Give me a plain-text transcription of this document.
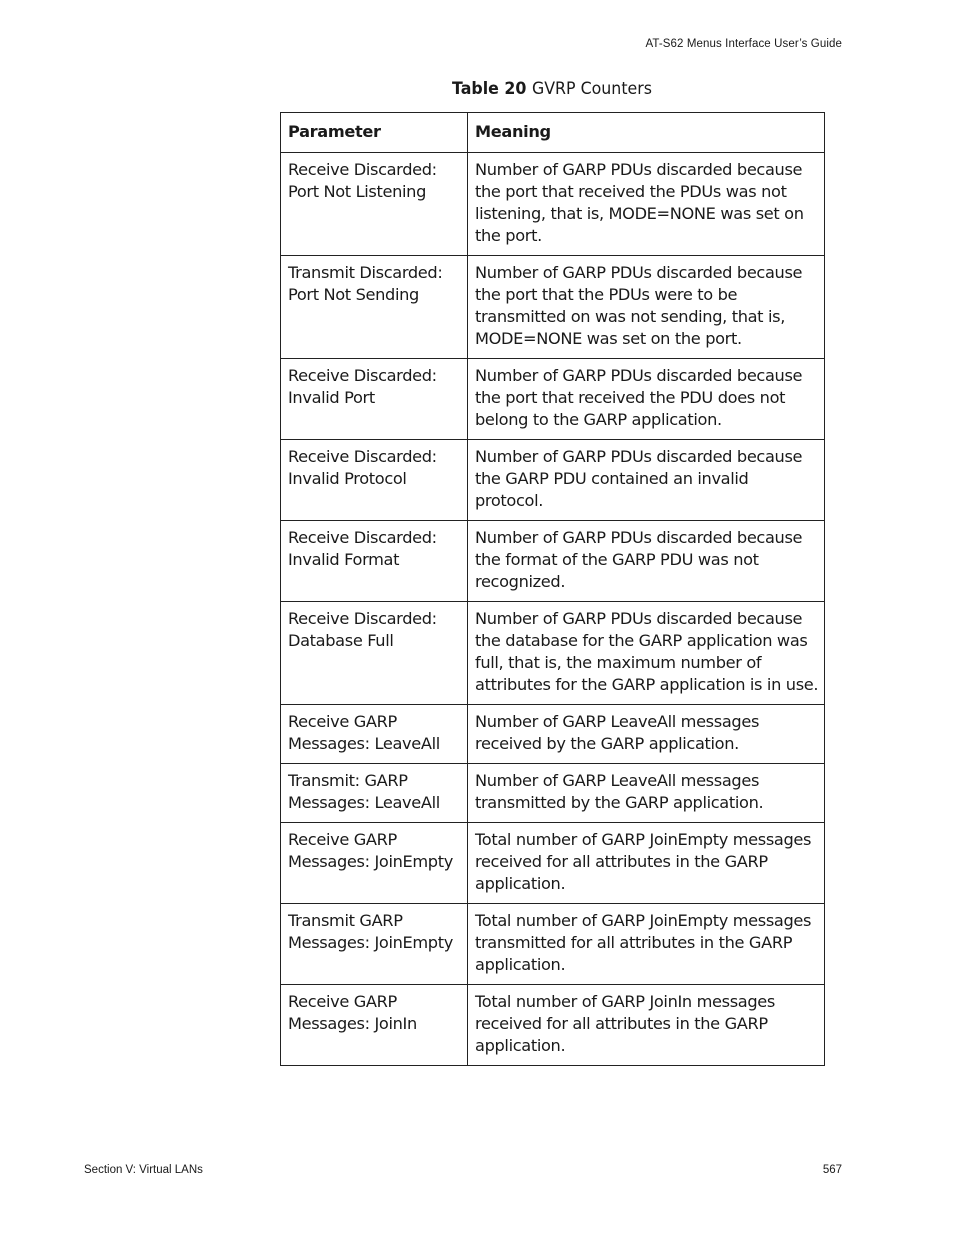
AT-S62 Menus Interface User’s Guide
Table 20 GVRP Counters
Parameter	Meaning

Receive Discarded:
Port Not Listening	Number of GARP PDUs discarded because
the port that received the PDUs was not
listening, that is, MODE=NONE was set on
the port.

Transmit Discarded:
Port Not Sending	Number of GARP PDUs discarded because
the port that the PDUs were to be
transmitted on was not sending, that is,
MODE=NONE was set on the port.

Receive Discarded:
Invalid Port	Number of GARP PDUs discarded because
the port that received the PDU does not
belong to the GARP application.

Receive Discarded:
Invalid Protocol	Number of GARP PDUs discarded because
the GARP PDU contained an invalid
protocol.

Receive Discarded:
Invalid Format	Number of GARP PDUs discarded because
the format of the GARP PDU was not
recognized.

Receive Discarded:
Database Full	Number of GARP PDUs discarded because
the database for the GARP application was
full, that is, the maximum number of
attributes for the GARP application is in use.

Receive GARP
Messages: LeaveAll	Number of GARP LeaveAll messages
received by the GARP application.

Transmit: GARP
Messages: LeaveAll	Number of GARP LeaveAll messages
transmitted by the GARP application.

Receive GARP
Messages: JoinEmpty	Total number of GARP JoinEmpty messages
received for all attributes in the GARP
application.

Transmit GARP
Messages: JoinEmpty	Total number of GARP JoinEmpty messages
transmitted for all attributes in the GARP
application.

Receive GARP
Messages: JoinIn	Total number of GARP JoinIn messages
received for all attributes in the GARP
application.
Section V: Virtual LANs	567
